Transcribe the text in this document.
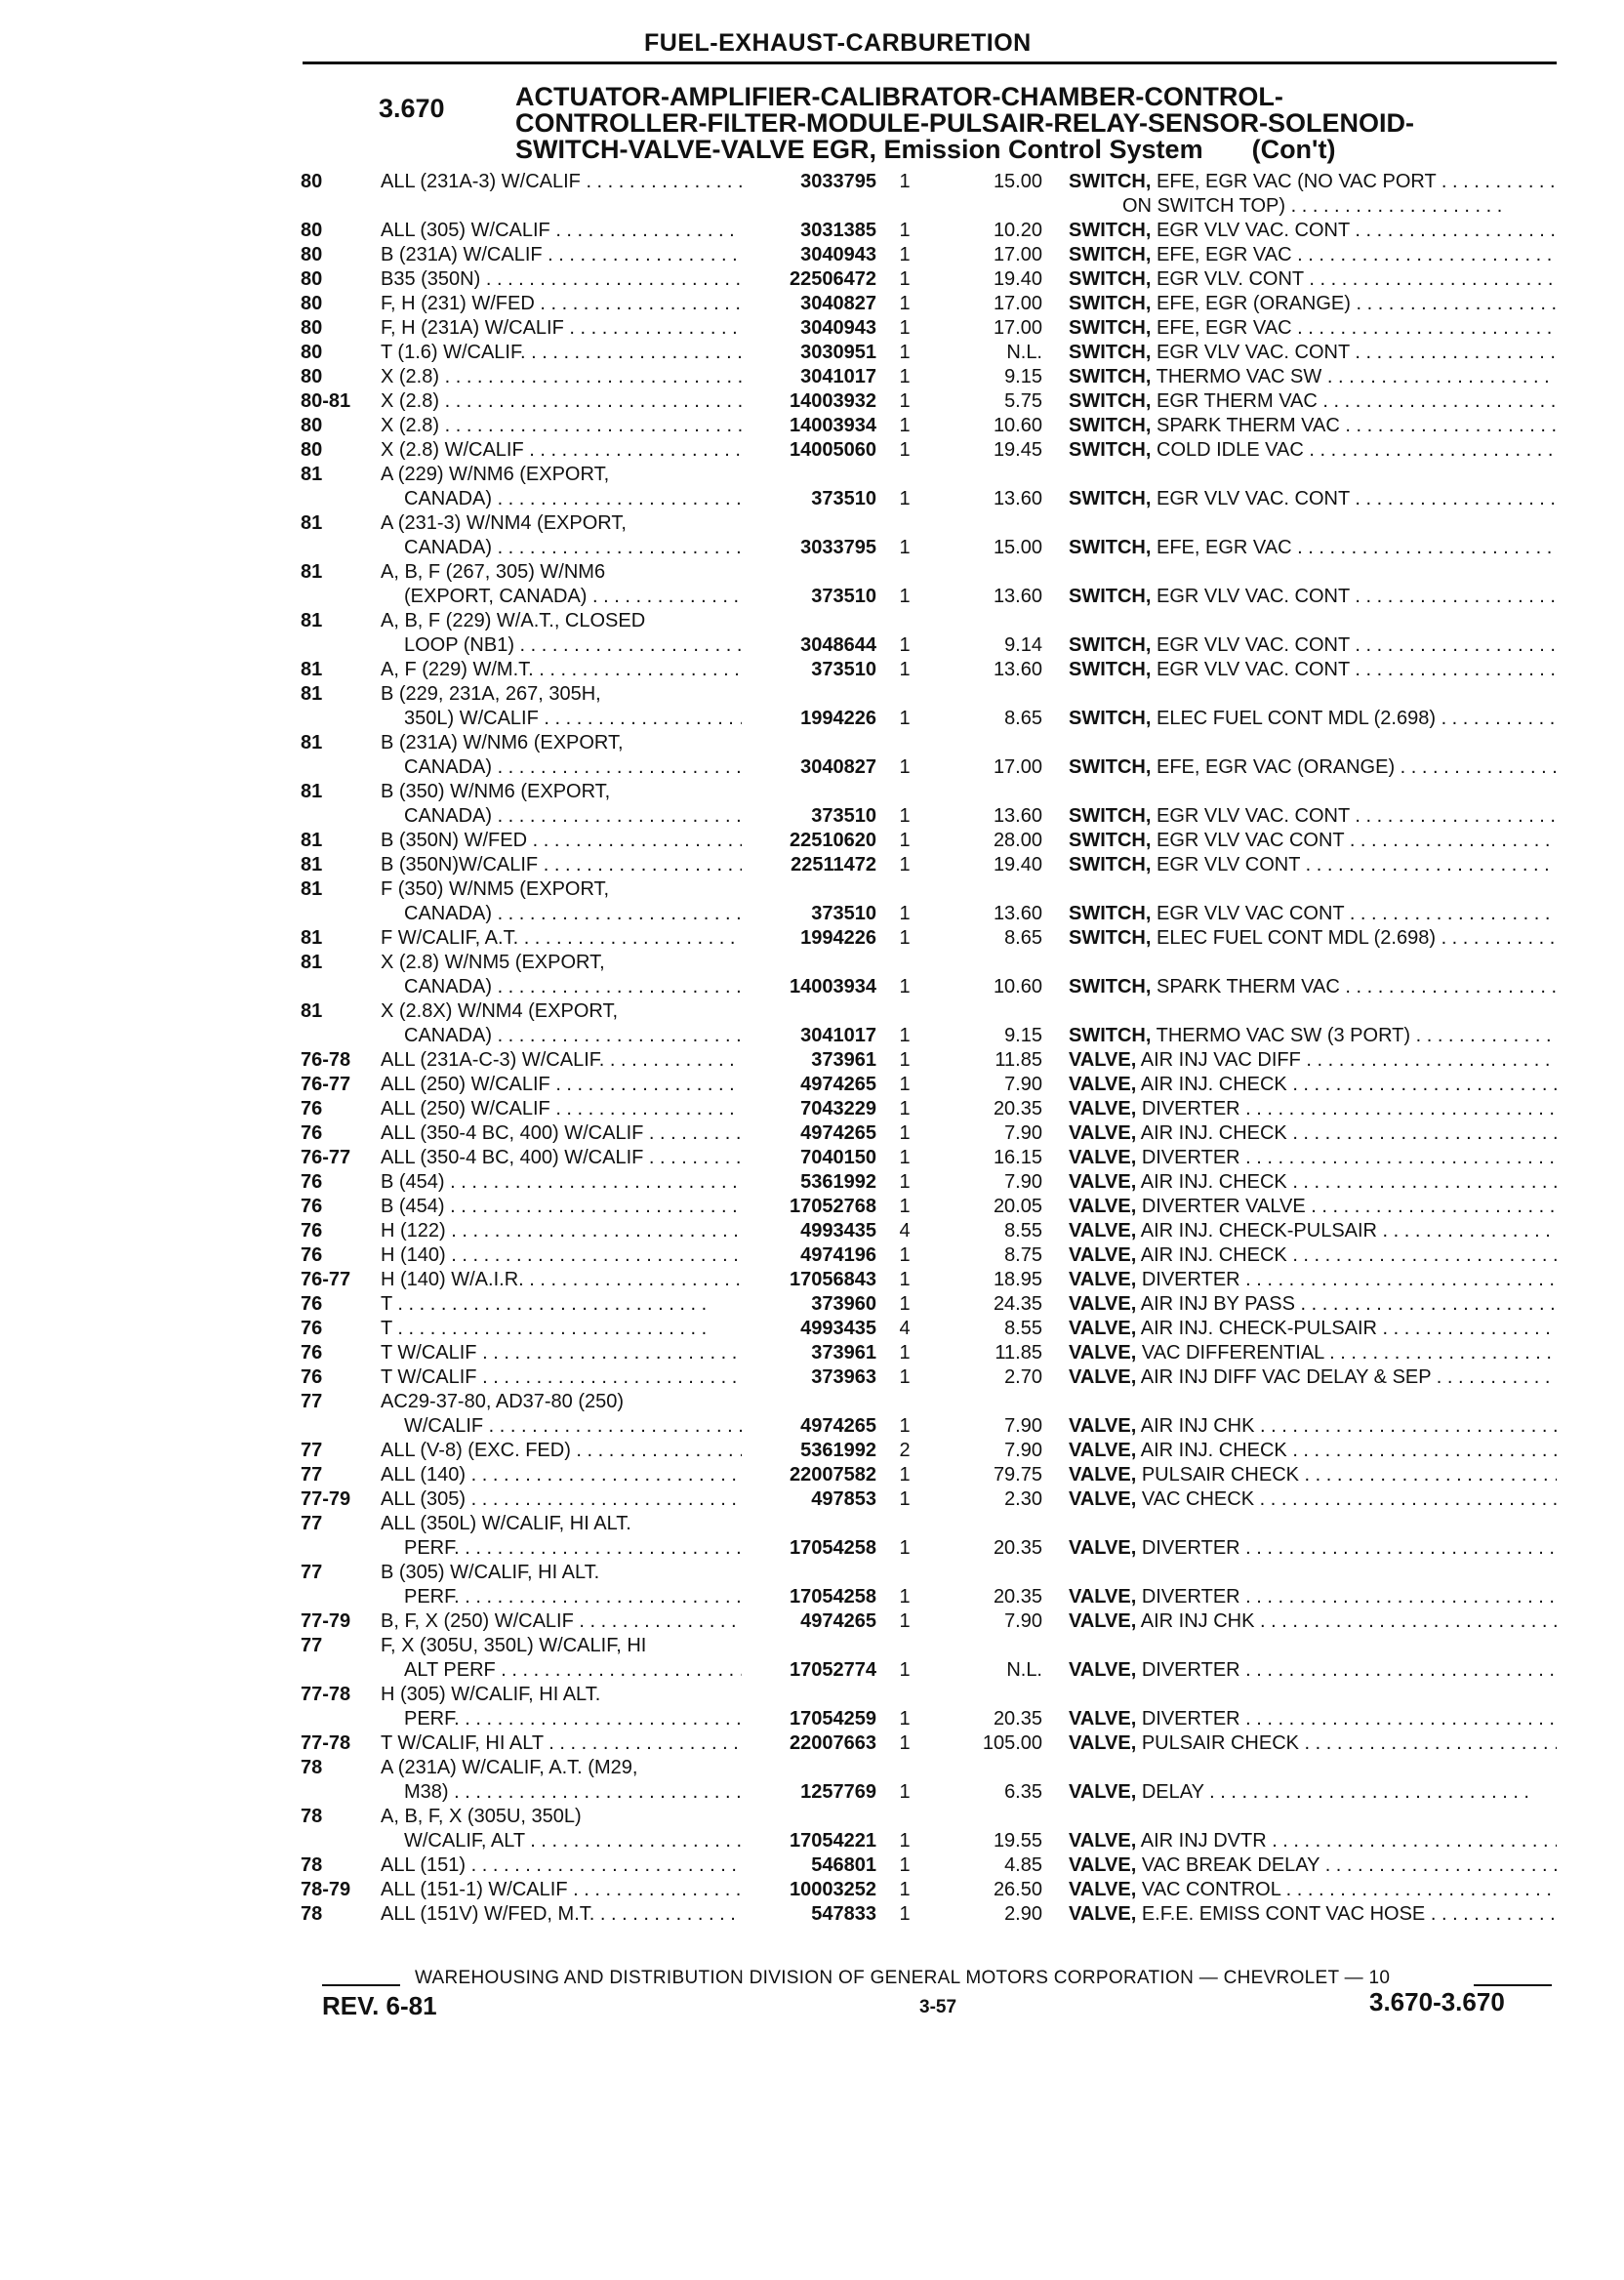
FUEL-EXHAUST-CARBURETION
3.670	ACTUATOR-AMPLIFIER-CALIBRATOR-CHAMBER-CONTROL-
CONTROLLER-FILTER-MODULE-PULSAIR-RELAY-SENSOR-SOLENOID-
SWITCH-VALVE-VALVE EGR, Emission Control System (Con't)
80	ALL (231A-3) W/CALIF . . .	3033795	1	15.00 SWITCH, EFE, EGR VAC (NO VAC PORT . . .
ON SWITCH TOP) . . .
80	ALL (305) W/CALIF . . .	3031385	1	10.20 SWITCH, EGR VLV VAC. CONT . . .
80	B (231A) W/CALIF . . .	3040943	1	17.00 SWITCH, EFE, EGR VAC . . .
80	B35 (350N) . . .	22506472	1	19.40 SWITCH, EGR VLV. CONT . . .
80	F, H (231) W/FED . . .	3040827	1	17.00 SWITCH, EFE, EGR (ORANGE) . . .
80	F, H (231A) W/CALIF . . .	3040943	1	17.00 SWITCH, EFE, EGR VAC . . .
80	T (1.6) W/CALIF. . . .	3030951	1	N.L. SWITCH, EGR VLV VAC. CONT . . .
80	X (2.8) . . .	3041017	1	9.15 SWITCH, THERMO VAC SW . . .
80-81 X (2.8) . . .	14003932	1	5.75 SWITCH, EGR THERM VAC . . .
80	X (2.8) . . .	14003934	1	10.60 SWITCH, SPARK THERM VAC . . .
80	X (2.8) W/CALIF . . .	14005060	1	19.45 SWITCH, COLD IDLE VAC . . .
81	A (229) W/NM6 (EXPORT,
CANADA) . . .	373510	1	13.60 SWITCH, EGR VLV VAC. CONT . . .
81	A (231-3) W/NM4 (EXPORT,
CANADA) . . .	3033795	1	15.00 SWITCH, EFE, EGR VAC . . .
81	A, B, F (267, 305) W/NM6
(EXPORT, CANADA) . . .	373510	1	13.60 SWITCH, EGR VLV VAC. CONT . . .
81	A, B, F (229) W/A.T., CLOSED
LOOP (NB1) . . .	3048644	1	9.14 SWITCH, EGR VLV VAC. CONT . . .
81	A, F (229) W/M.T. . . .	373510	1	13.60 SWITCH, EGR VLV VAC. CONT . . .
81	B (229, 231A, 267, 305H,
350L) W/CALIF . . .	1994226	1	8.65 SWITCH, ELEC FUEL CONT MDL (2.698) . . .
81	B (231A) W/NM6 (EXPORT,
CANADA) . . .	3040827	1	17.00 SWITCH, EFE, EGR VAC (ORANGE) . . .
81	B (350) W/NM6 (EXPORT,
CANADA) . . .	373510	1	13.60 SWITCH, EGR VLV VAC. CONT . . .
81	B (350N) W/FED . . .	22510620	1	28.00 SWITCH, EGR VLV VAC CONT . . .
81	B (350N)W/CALIF . . .	22511472	1	19.40 SWITCH, EGR VLV CONT . . .
81	F (350) W/NM5 (EXPORT,
CANADA) . . .	373510	1	13.60 SWITCH, EGR VLV VAC CONT . . .
81	F W/CALIF, A.T. . . .	1994226	1	8.65 SWITCH, ELEC FUEL CONT MDL (2.698) . . .
81	X (2.8) W/NM5 (EXPORT,
CANADA) . . .	14003934	1	10.60 SWITCH, SPARK THERM VAC . . .
81	X (2.8X) W/NM4 (EXPORT,
CANADA) . . .	3041017	1	9.15 SWITCH, THERMO VAC SW (3 PORT) . . .
76-78 ALL (231A-C-3) W/CALIF. . . .	373961	1	11.85 VALVE, AIR INJ VAC DIFF . . .
76-77 ALL (250) W/CALIF . . .	4974265	1	7.90 VALVE, AIR INJ. CHECK . . .
76	ALL (250) W/CALIF . . .	7043229	1	20.35 VALVE, DIVERTER . . .
76	ALL (350-4 BC, 400) W/CALIF . . . .	4974265	1	7.90 VALVE, AIR INJ. CHECK . . .
76-77 ALL (350-4 BC, 400) W/CALIF . . . .	7040150	1	16.15 VALVE, DIVERTER . . .
76	B (454) . . .	5361992	1	7.90 VALVE, AIR INJ. CHECK . . .
76	B (454) . . .	17052768	1	20.05 VALVE, DIVERTER VALVE . . .
76	H (122) . . .	4993435	4	8.55 VALVE, AIR INJ. CHECK-PULSAIR . . .
76	H (140) . . .	4974196	1	8.75 VALVE, AIR INJ. CHECK . . .
76-77 H (140) W/A.I.R. . . .	17056843	1	18.95 VALVE, DIVERTER . . .
76	T . . .	373960	1	24.35 VALVE, AIR INJ BY PASS . . .
76	T . . .	4993435	4	8.55 VALVE, AIR INJ. CHECK-PULSAIR . . .
76	T W/CALIF . . .	373961	1	11.85 VALVE, VAC DIFFERENTIAL . . .
76	T W/CALIF . . .	373963	1	2.70 VALVE, AIR INJ DIFF VAC DELAY & SEP . . .
77	AC29-37-80, AD37-80 (250)
W/CALIF . . .	4974265	1	7.90 VALVE, AIR INJ CHK . . .
77	ALL (V-8) (EXC. FED) . . .	5361992	2	7.90 VALVE, AIR INJ. CHECK . . .
77	ALL (140) . . .	22007582	1	79.75 VALVE, PULSAIR CHECK . . .
77-79 ALL (305) . . .	497853	1	2.30 VALVE, VAC CHECK . . .
77	ALL (350L) W/CALIF, HI ALT.
PERF. . . .	17054258	1	20.35 VALVE, DIVERTER . . .
77	B (305) W/CALIF, HI ALT.
PERF. . . .	17054258	1	20.35 VALVE, DIVERTER . . .
77-79 B, F, X (250) W/CALIF . . .	4974265	1	7.90 VALVE, AIR INJ CHK . . .
77	F, X (305U, 350L) W/CALIF, HI
ALT PERF . . .	17052774	1	N.L. VALVE, DIVERTER . . .
77-78 H (305) W/CALIF, HI ALT.
PERF. . . .	17054259	1	20.35 VALVE, DIVERTER . . .
77-78 T W/CALIF, HI ALT . . .	22007663	1	105.00 VALVE, PULSAIR CHECK . . .
78	A (231A) W/CALIF, A.T. (M29,
M38) . . .	1257769	1	6.35 VALVE, DELAY . . .
78	A, B, F, X (305U, 350L)
W/CALIF, ALT . . .	17054221	1	19.55 VALVE, AIR INJ DVTR . . .
78	ALL (151) . . .	546801	1	4.85 VALVE, VAC BREAK DELAY . . .
78-79 ALL (151-1) W/CALIF . . .	10003252	1	26.50 VALVE, VAC CONTROL . . .
78	ALL (151V) W/FED, M.T. . . .	547833	1	2.90 VALVE, E.F.E. EMISS CONT VAC HOSE . . .
WAREHOUSING AND DISTRIBUTION DIVISION OF GENERAL MOTORS CORPORATION — CHEVROLET — 10
REV. 6-81	3-57	3.670-3.670
